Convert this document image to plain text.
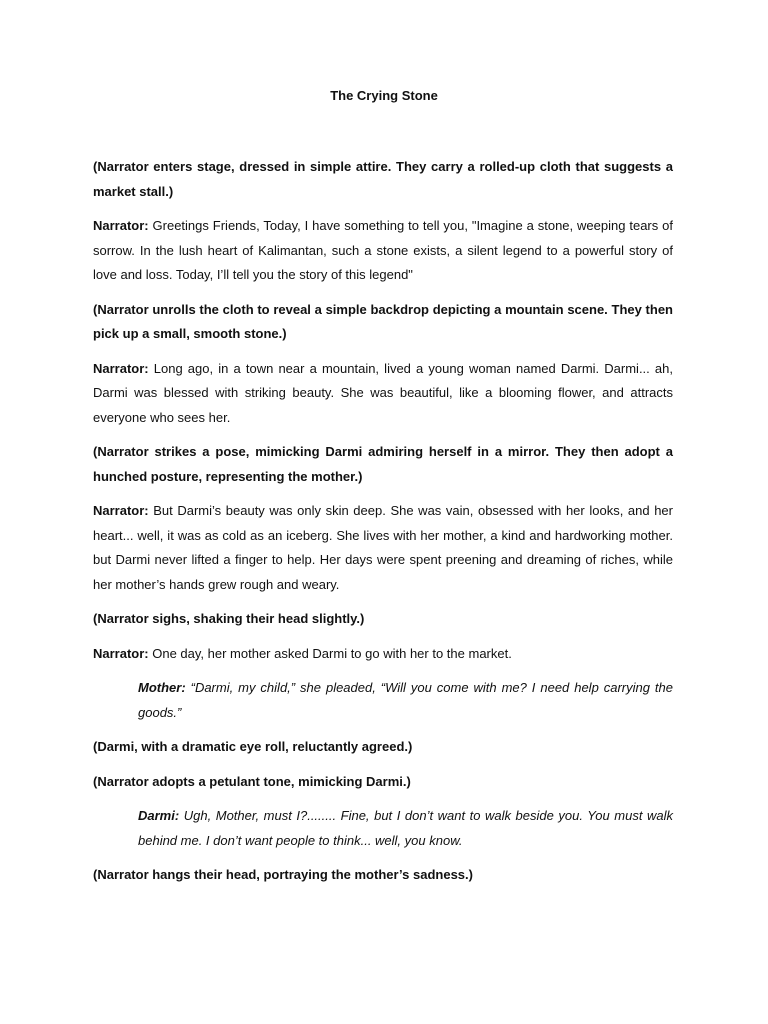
The Crying Stone

(Narrator enters stage, dressed in simple attire. They carry a rolled-up cloth that suggests a market stall.)

Narrator: Greetings Friends, Today, I have something to tell you, "Imagine a stone, weeping tears of sorrow. In the lush heart of Kalimantan, such a stone exists, a silent legend to a powerful story of love and loss. Today, I’ll tell you the story of this legend"

(Narrator unrolls the cloth to reveal a simple backdrop depicting a mountain scene. They then pick up a small, smooth stone.)

Narrator: Long ago, in a town near a mountain, lived a young woman named Darmi. Darmi... ah, Darmi was blessed with striking beauty. She was beautiful, like a blooming flower, and attracts everyone who sees her.

(Narrator strikes a pose, mimicking Darmi admiring herself in a mirror. They then adopt a hunched posture, representing the mother.)

Narrator: But Darmi’s beauty was only skin deep. She was vain, obsessed with her looks, and her heart... well, it was as cold as an iceberg. She lives with her mother, a kind and hardworking mother. but Darmi never lifted a finger to help. Her days were spent preening and dreaming of riches, while her mother’s hands grew rough and weary.

(Narrator sighs, shaking their head slightly.)

Narrator: One day, her mother asked Darmi to go with her to the market.

Mother: “Darmi, my child,” she pleaded, “Will you come with me? I need help carrying the goods.”

(Darmi, with a dramatic eye roll, reluctantly agreed.)

(Narrator adopts a petulant tone, mimicking Darmi.)

Darmi: Ugh, Mother, must I?........ Fine, but I don’t want to walk beside you. You must walk behind me. I don’t want people to think... well, you know.

(Narrator hangs their head, portraying the mother’s sadness.)
